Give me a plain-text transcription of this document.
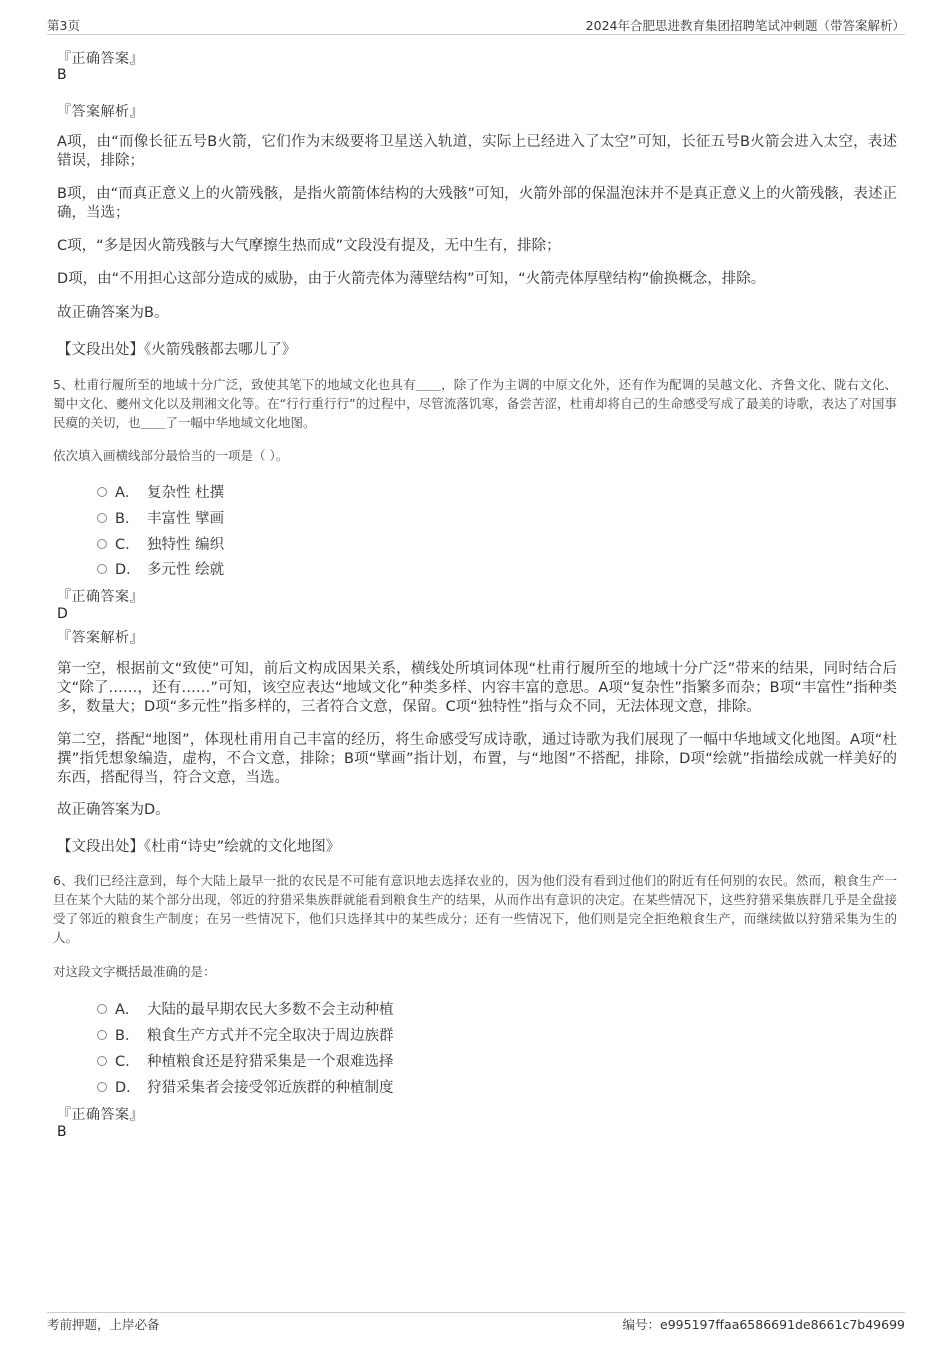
第3页	2024年合肥思进教育集团招聘笔试冲刺题（带答案解析）
『正确答案』
B
『答案解析』

A项，由“而像长征五号B火箭，它们作为末级要将卫星送入轨道，实际上已经进入了太空”可知，长征五号B火箭会进入太空，表述错误，排除；

B项，由“而真正意义上的火箭残骸，是指火箭箭体结构的大残骸”可知，火箭外部的保温泡沫并不是真正意义上的火箭残骸，表述正确，当选；

C项，“多是因火箭残骸与大气摩擦生热而成”文段没有提及，无中生有，排除；

D项，由“不用担心这部分造成的威胁，由于火箭壳体为薄壁结构”可知，“火箭壳体厚壁结构”偷换概念，排除。

故正确答案为B。

【文段出处】《火箭残骸都去哪儿了》

5、杜甫行履所至的地域十分广泛，致使其笔下的地域文化也具有＿＿，除了作为主调的中原文化外，还有作为配调的吴越文化、齐鲁文化、陇右文化、蜀中文化、夔州文化以及荆湘文化等。在“行行重行行”的过程中，尽管流落饥寒，备尝苦涩，杜甫却将自己的生命感受写成了最美的诗歌，表达了对国事民瘼的关切，也＿＿了一幅中华地域文化地图。

依次填入画横线部分最恰当的一项是（ ）。

A． 复杂性 杜撰
B． 丰富性 擘画
C． 独特性 编织
D． 多元性 绘就
『正确答案』
D
『答案解析』

第一空，根据前文“致使”可知，前后文构成因果关系，横线处所填词体现“杜甫行履所至的地域十分广泛”带来的结果，同时结合后文“除了……，还有……”可知，该空应表达“地域文化”种类多样、内容丰富的意思。A项“复杂性”指繁多而杂；B项“丰富性”指种类多，数量大；D项“多元性”指多样的，三者符合文意，保留。C项“独特性”指与众不同，无法体现文意，排除。

第二空，搭配“地图”，体现杜甫用自己丰富的经历，将生命感受写成诗歌，通过诗歌为我们展现了一幅中华地域文化地图。A项“杜撰”指凭想象编造，虚构，不合文意，排除；B项“擘画”指计划，布置，与“地图”不搭配，排除，D项“绘就”指描绘成就一样美好的东西，搭配得当，符合文意，当选。

故正确答案为D。

【文段出处】《杜甫“诗史”绘就的文化地图》

6、我们已经注意到，每个大陆上最早一批的农民是不可能有意识地去选择农业的，因为他们没有看到过他们的附近有任何别的农民。然而，粮食生产一旦在某个大陆的某个部分出现，邻近的狩猎采集族群就能看到粮食生产的结果，从而作出有意识的决定。在某些情况下，这些狩猎采集族群几乎是全盘接受了邻近的粮食生产制度；在另一些情况下，他们只选择其中的某些成分；还有一些情况下，他们则是完全拒绝粮食生产，而继续做以狩猎采集为生的人。

对这段文字概括最准确的是：

A． 大陆的最早期农民大多数不会主动种植
B． 粮食生产方式并不完全取决于周边族群
C． 种植粮食还是狩猎采集是一个艰难选择
D． 狩猎采集者会接受邻近族群的种植制度
『正确答案』
B
考前押题，上岸必备	编号：e995197ffaa6586691de8661c7b49699
